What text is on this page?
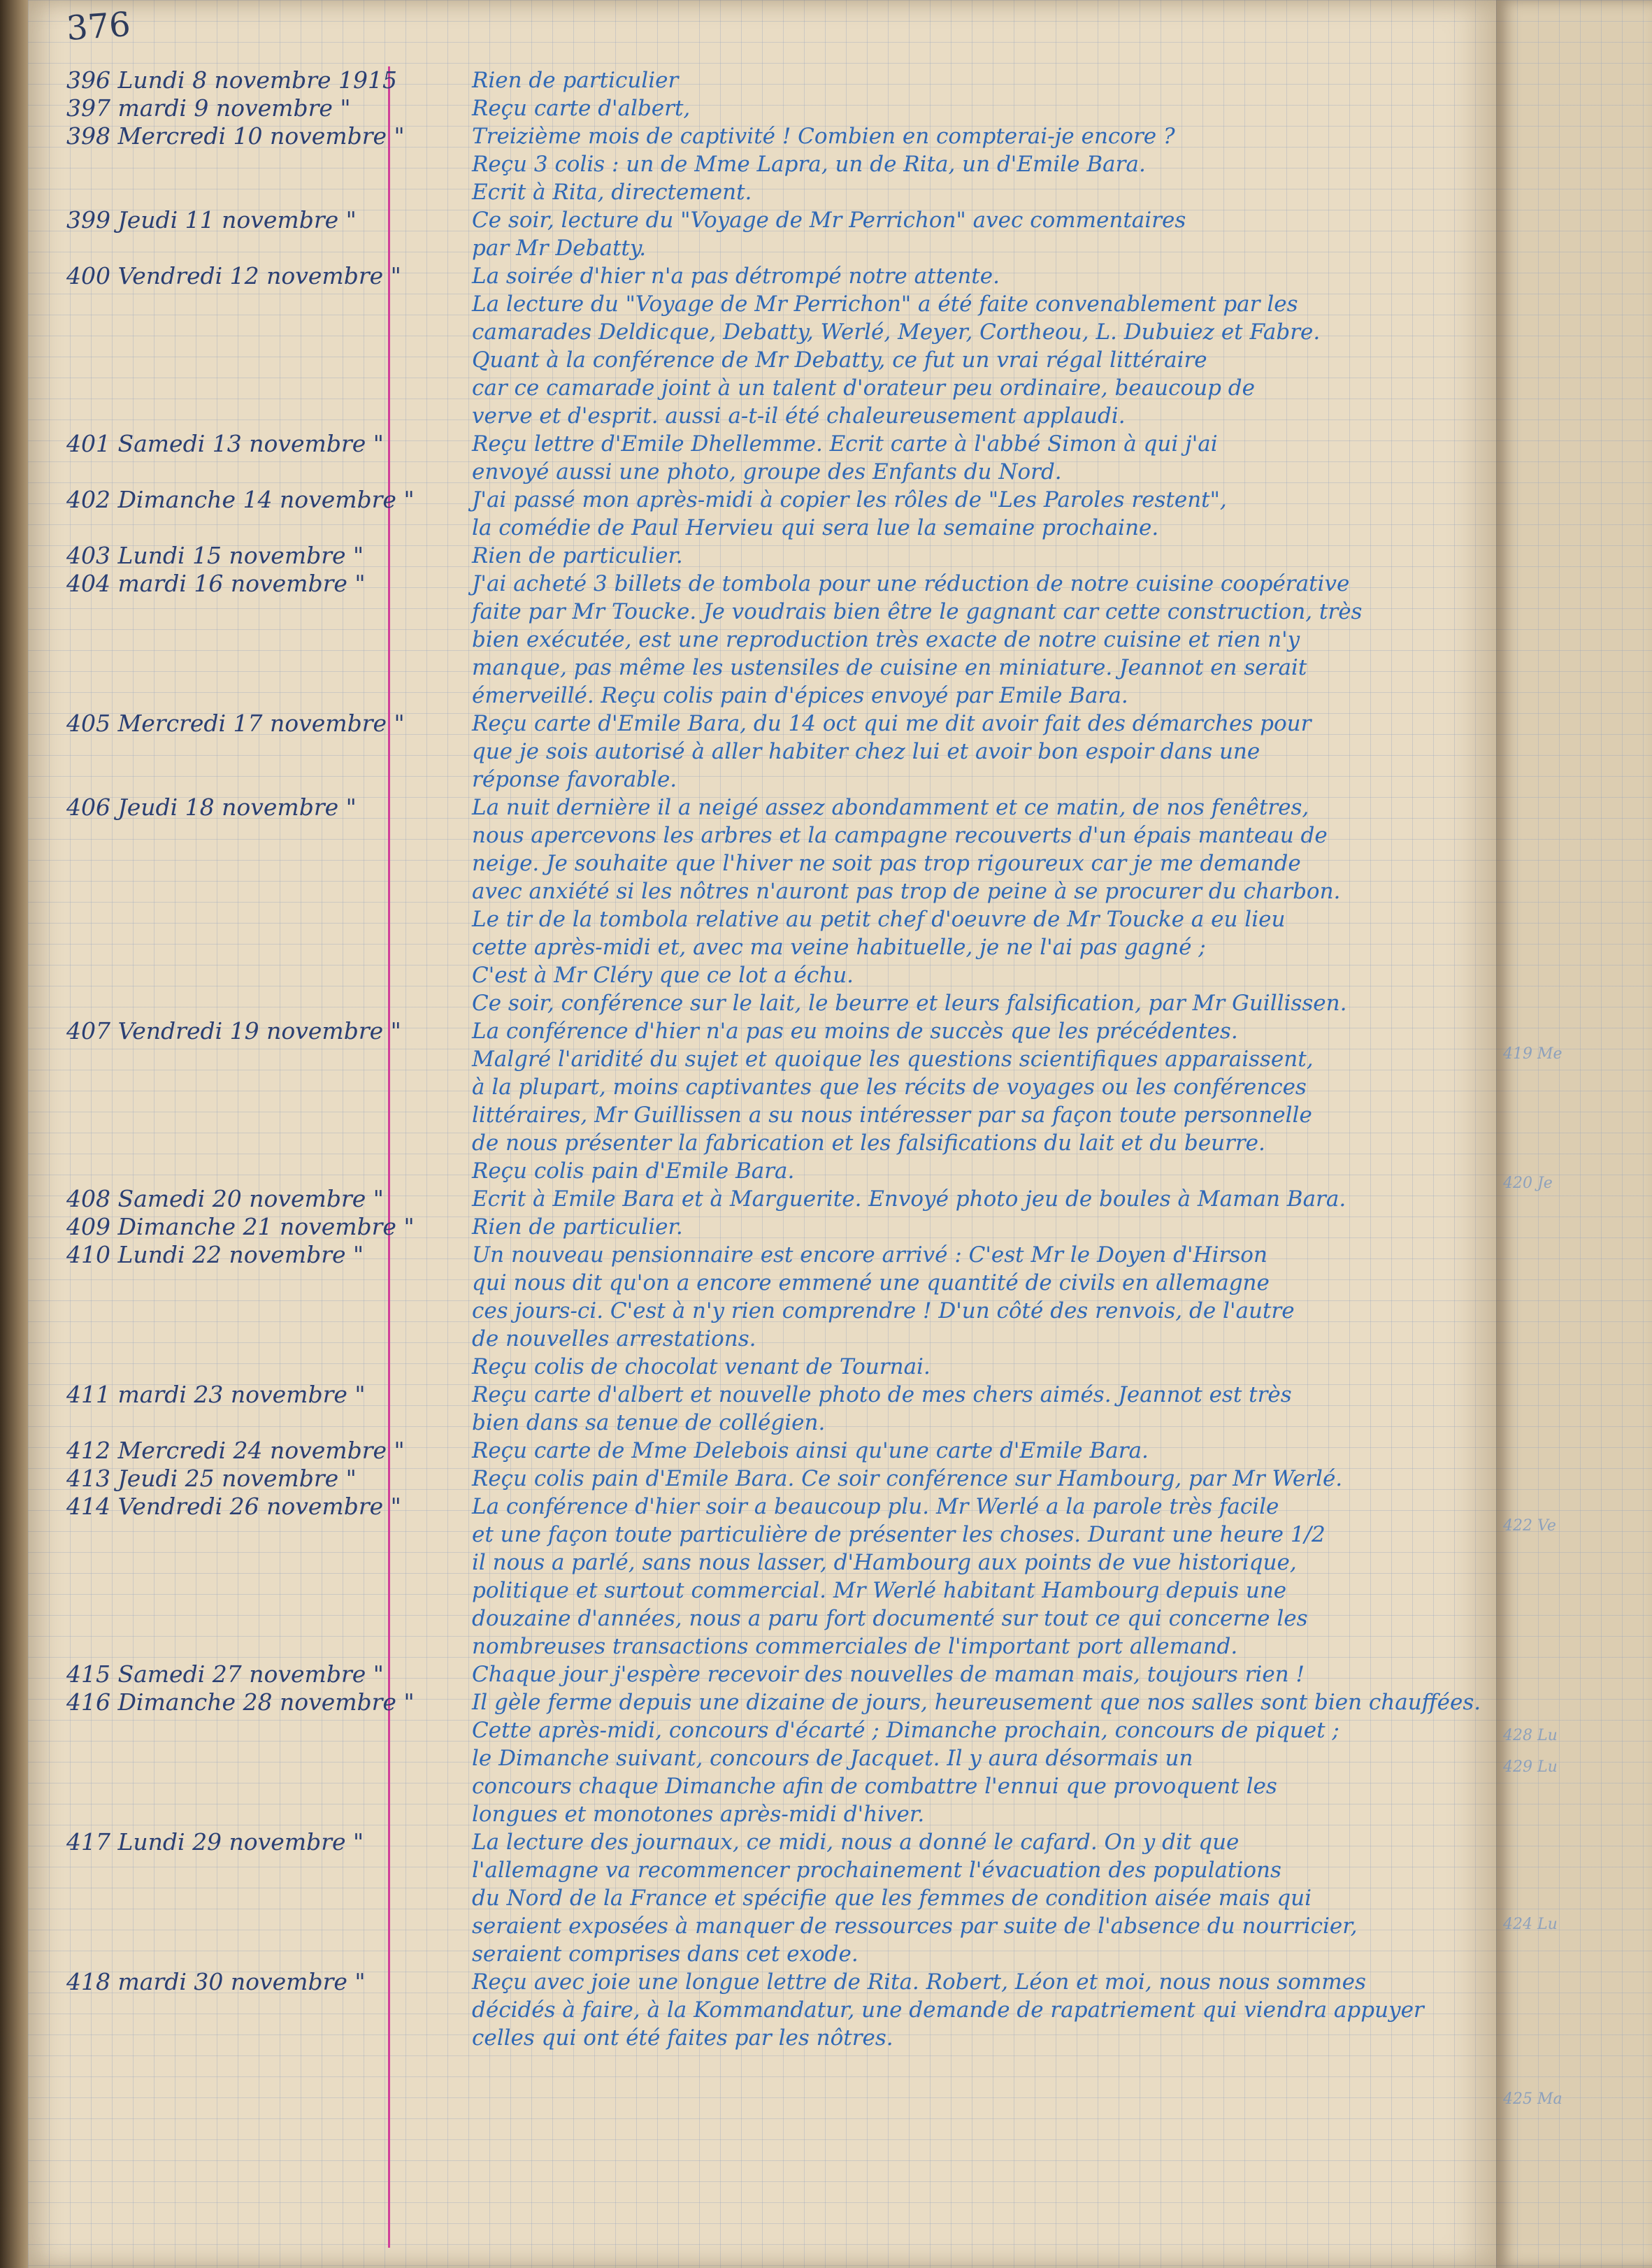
419 Me
420 Je
422 Ve
428 Lu
429 Lu
424 Lu
425 Ma
376
396 Lundi 8 novembre 1915	Rien de particulier
397 mardi 9 novembre "	Reçu carte d'albert,
398 Mercredi 10 novembre "	Treizième mois de captivité ! Combien en compterai-je encore ?
Reçu 3 colis : un de Mme Lapra, un de Rita, un d'Emile Bara.
Ecrit à Rita, directement.
399 Jeudi 11 novembre "	Ce soir, lecture du "Voyage de Mr Perrichon" avec commentaires
par Mr Debatty.
400 Vendredi 12 novembre "	La soirée d'hier n'a pas détrompé notre attente.
La lecture du "Voyage de Mr Perrichon" a été faite convenablement par les
camarades Deldicque, Debatty, Werlé, Meyer, Cortheou, L. Dubuiez et Fabre.
Quant à la conférence de Mr Debatty, ce fut un vrai régal littéraire
car ce camarade joint à un talent d'orateur peu ordinaire, beaucoup de
verve et d'esprit. aussi a-t-il été chaleureusement applaudi.
401 Samedi 13 novembre "	Reçu lettre d'Emile Dhellemme. Ecrit carte à l'abbé Simon à qui j'ai
envoyé aussi une photo, groupe des Enfants du Nord.
402 Dimanche 14 novembre "	J'ai passé mon après-midi à copier les rôles de "Les Paroles restent",
la comédie de Paul Hervieu qui sera lue la semaine prochaine.
403 Lundi 15 novembre "	Rien de particulier.
404 mardi 16 novembre "	J'ai acheté 3 billets de tombola pour une réduction de notre cuisine coopérative
faite par Mr Toucke. Je voudrais bien être le gagnant car cette construction, très
bien exécutée, est une reproduction très exacte de notre cuisine et rien n'y
manque, pas même les ustensiles de cuisine en miniature. Jeannot en serait
émerveillé. Reçu colis pain d'épices envoyé par Emile Bara.
405 Mercredi 17 novembre "	Reçu carte d'Emile Bara, du 14 oct qui me dit avoir fait des démarches pour
que je sois autorisé à aller habiter chez lui et avoir bon espoir dans une
réponse favorable.
406 Jeudi 18 novembre "	La nuit dernière il a neigé assez abondamment et ce matin, de nos fenêtres,
nous apercevons les arbres et la campagne recouverts d'un épais manteau de
neige. Je souhaite que l'hiver ne soit pas trop rigoureux car je me demande
avec anxiété si les nôtres n'auront pas trop de peine à se procurer du charbon.
Le tir de la tombola relative au petit chef d'oeuvre de Mr Toucke a eu lieu
cette après-midi et, avec ma veine habituelle, je ne l'ai pas gagné ;
C'est à Mr Cléry que ce lot a échu.
Ce soir, conférence sur le lait, le beurre et leurs falsification, par Mr Guillissen.
407 Vendredi 19 novembre "	La conférence d'hier n'a pas eu moins de succès que les précédentes.
Malgré l'aridité du sujet et quoique les questions scientifiques apparaissent,
à la plupart, moins captivantes que les récits de voyages ou les conférences
littéraires, Mr Guillissen a su nous intéresser par sa façon toute personnelle
de nous présenter la fabrication et les falsifications du lait et du beurre.
Reçu colis pain d'Emile Bara.
408 Samedi 20 novembre "	Ecrit à Emile Bara et à Marguerite. Envoyé photo jeu de boules à Maman Bara.
409 Dimanche 21 novembre "	Rien de particulier.
410 Lundi 22 novembre "	Un nouveau pensionnaire est encore arrivé : C'est Mr le Doyen d'Hirson
qui nous dit qu'on a encore emmené une quantité de civils en allemagne
ces jours-ci. C'est à n'y rien comprendre ! D'un côté des renvois, de l'autre
de nouvelles arrestations.
Reçu colis de chocolat venant de Tournai.
411 mardi 23 novembre "	Reçu carte d'albert et nouvelle photo de mes chers aimés. Jeannot est très
bien dans sa tenue de collégien.
412 Mercredi 24 novembre "	Reçu carte de Mme Delebois ainsi qu'une carte d'Emile Bara.
413 Jeudi 25 novembre "	Reçu colis pain d'Emile Bara. Ce soir conférence sur Hambourg, par Mr Werlé.
414 Vendredi 26 novembre "	La conférence d'hier soir a beaucoup plu. Mr Werlé a la parole très facile
et une façon toute particulière de présenter les choses. Durant une heure 1/2
il nous a parlé, sans nous lasser, d'Hambourg aux points de vue historique,
politique et surtout commercial. Mr Werlé habitant Hambourg depuis une
douzaine d'années, nous a paru fort documenté sur tout ce qui concerne les
nombreuses transactions commerciales de l'important port allemand.
415 Samedi 27 novembre "	Chaque jour j'espère recevoir des nouvelles de maman mais, toujours rien !
416 Dimanche 28 novembre "	Il gèle ferme depuis une dizaine de jours, heureusement que nos salles sont bien chauffées.
Cette après-midi, concours d'écarté ; Dimanche prochain, concours de piquet ;
le Dimanche suivant, concours de Jacquet. Il y aura désormais un
concours chaque Dimanche afin de combattre l'ennui que provoquent les
longues et monotones après-midi d'hiver.
417 Lundi 29 novembre "	La lecture des journaux, ce midi, nous a donné le cafard. On y dit que
l'allemagne va recommencer prochainement l'évacuation des populations
du Nord de la France et spécifie que les femmes de condition aisée mais qui
seraient exposées à manquer de ressources par suite de l'absence du nourricier,
seraient comprises dans cet exode.
418 mardi 30 novembre "	Reçu avec joie une longue lettre de Rita. Robert, Léon et moi, nous nous sommes
décidés à faire, à la Kommandatur, une demande de rapatriement qui viendra appuyer
celles qui ont été faites par les nôtres.
